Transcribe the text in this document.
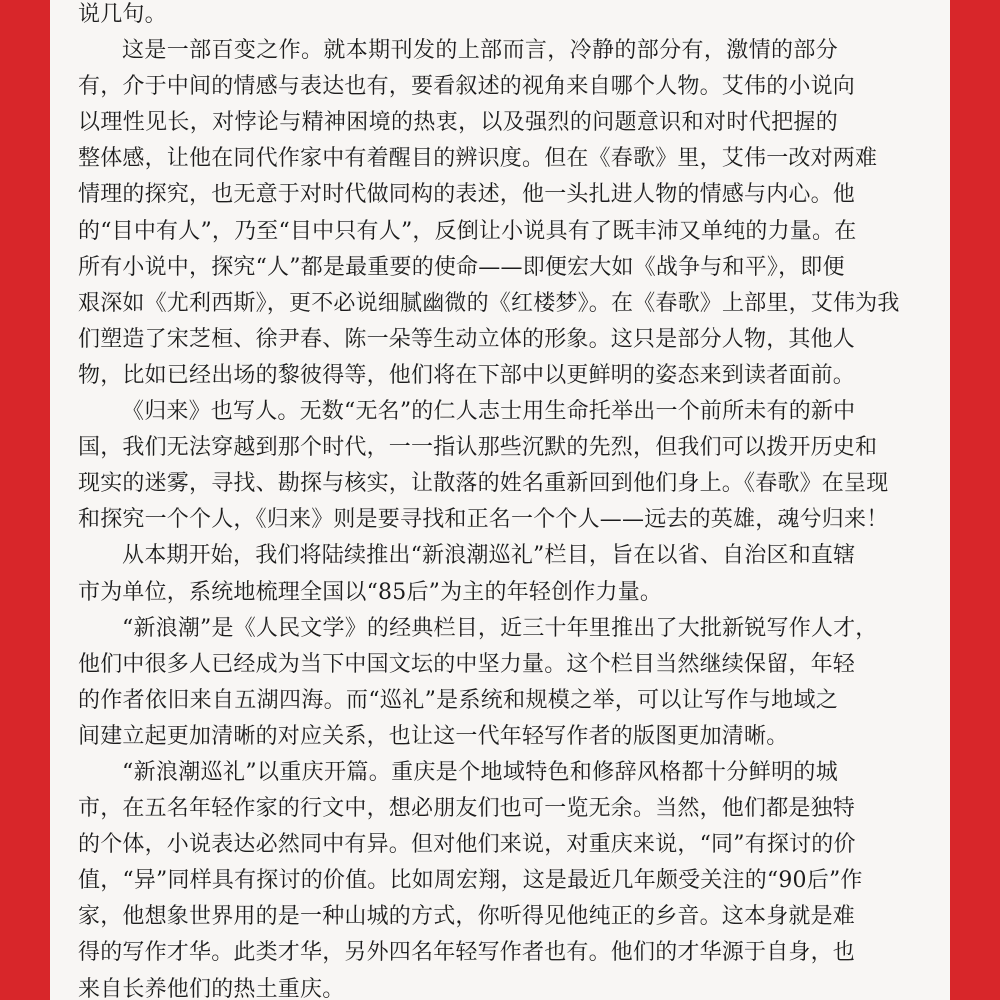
说几句。
这是一部百变之作。就本期刊发的上部而言，冷静的部分有，激情的部分
有，介于中间的情感与表达也有，要看叙述的视角来自哪个人物。艾伟的小说向
以理性见长，对悖论与精神困境的热衷，以及强烈的问题意识和对时代把握的
整体感，让他在同代作家中有着醒目的辨识度。但在《春歌》里，艾伟一改对两难
情理的探究，也无意于对时代做同构的表述，他一头扎进人物的情感与内心。他
的“目中有人”，乃至“目中只有人”，反倒让小说具有了既丰沛又单纯的力量。在
所有小说中，探究“人”都是最重要的使命——即便宏大如《战争与和平》，即便
艰深如《尤利西斯》，更不必说细腻幽微的《红楼梦》。在《春歌》上部里，艾伟为我
们塑造了宋芝桓、徐尹春、陈一朵等生动立体的形象。这只是部分人物，其他人
物，比如已经出场的黎彼得等，他们将在下部中以更鲜明的姿态来到读者面前。
《归来》也写人。无数“无名”的仁人志士用生命托举出一个前所未有的新中
国，我们无法穿越到那个时代，一一指认那些沉默的先烈，但我们可以拨开历史和
现实的迷雾，寻找、勘探与核实，让散落的姓名重新回到他们身上。《春歌》在呈现
和探究一个个人，《归来》则是要寻找和正名一个个人——远去的英雄，魂兮归来！
从本期开始，我们将陆续推出“新浪潮巡礼”栏目，旨在以省、自治区和直辖
市为单位，系统地梳理全国以“85后”为主的年轻创作力量。
“新浪潮”是《人民文学》的经典栏目，近三十年里推出了大批新锐写作人才，
他们中很多人已经成为当下中国文坛的中坚力量。这个栏目当然继续保留，年轻
的作者依旧来自五湖四海。而“巡礼”是系统和规模之举，可以让写作与地域之
间建立起更加清晰的对应关系，也让这一代年轻写作者的版图更加清晰。
“新浪潮巡礼”以重庆开篇。重庆是个地域特色和修辞风格都十分鲜明的城
市，在五名年轻作家的行文中，想必朋友们也可一览无余。当然，他们都是独特
的个体，小说表达必然同中有异。但对他们来说，对重庆来说，“同”有探讨的价
值，“异”同样具有探讨的价值。比如周宏翔，这是最近几年颇受关注的“90后”作
家，他想象世界用的是一种山城的方式，你听得见他纯正的乡音。这本身就是难
得的写作才华。此类才华，另外四名年轻写作者也有。他们的才华源于自身，也
来自长养他们的热土重庆。
